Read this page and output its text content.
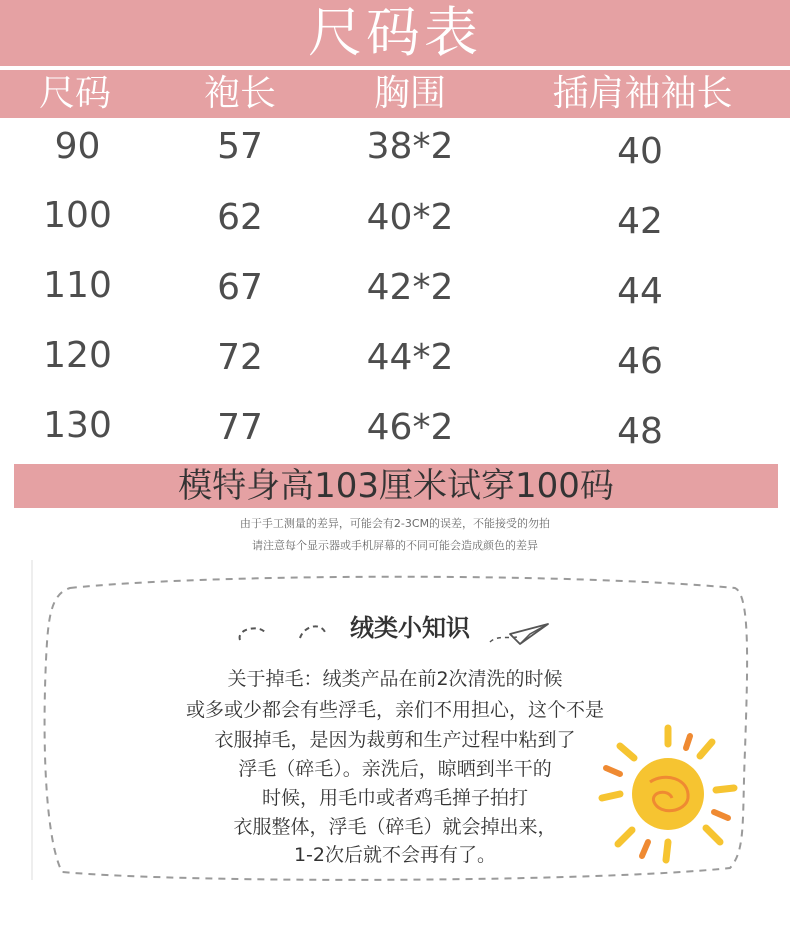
尺码表
尺码	袍长	胸围	插肩袖袖长
90	57	38*2	40
100	62	40*2	42
110	67	42*2	44
120	72	44*2	46
130	77	46*2	48
模特身高103厘米试穿100码
由于手工测量的差异，可能会有2-3CM的误差，不能接受的勿拍
请注意每个显示器或手机屏幕的不同可能会造成颜色的差异
绒类小知识
关于掉毛：绒类产品在前2次清洗的时候
或多或少都会有些浮毛，亲们不用担心，这个不是
衣服掉毛，是因为裁剪和生产过程中粘到了
浮毛（碎毛）。亲洗后，晾晒到半干的
时候，用毛巾或者鸡毛掸子拍打
衣服整体，浮毛（碎毛）就会掉出来，
1-2次后就不会再有了。
